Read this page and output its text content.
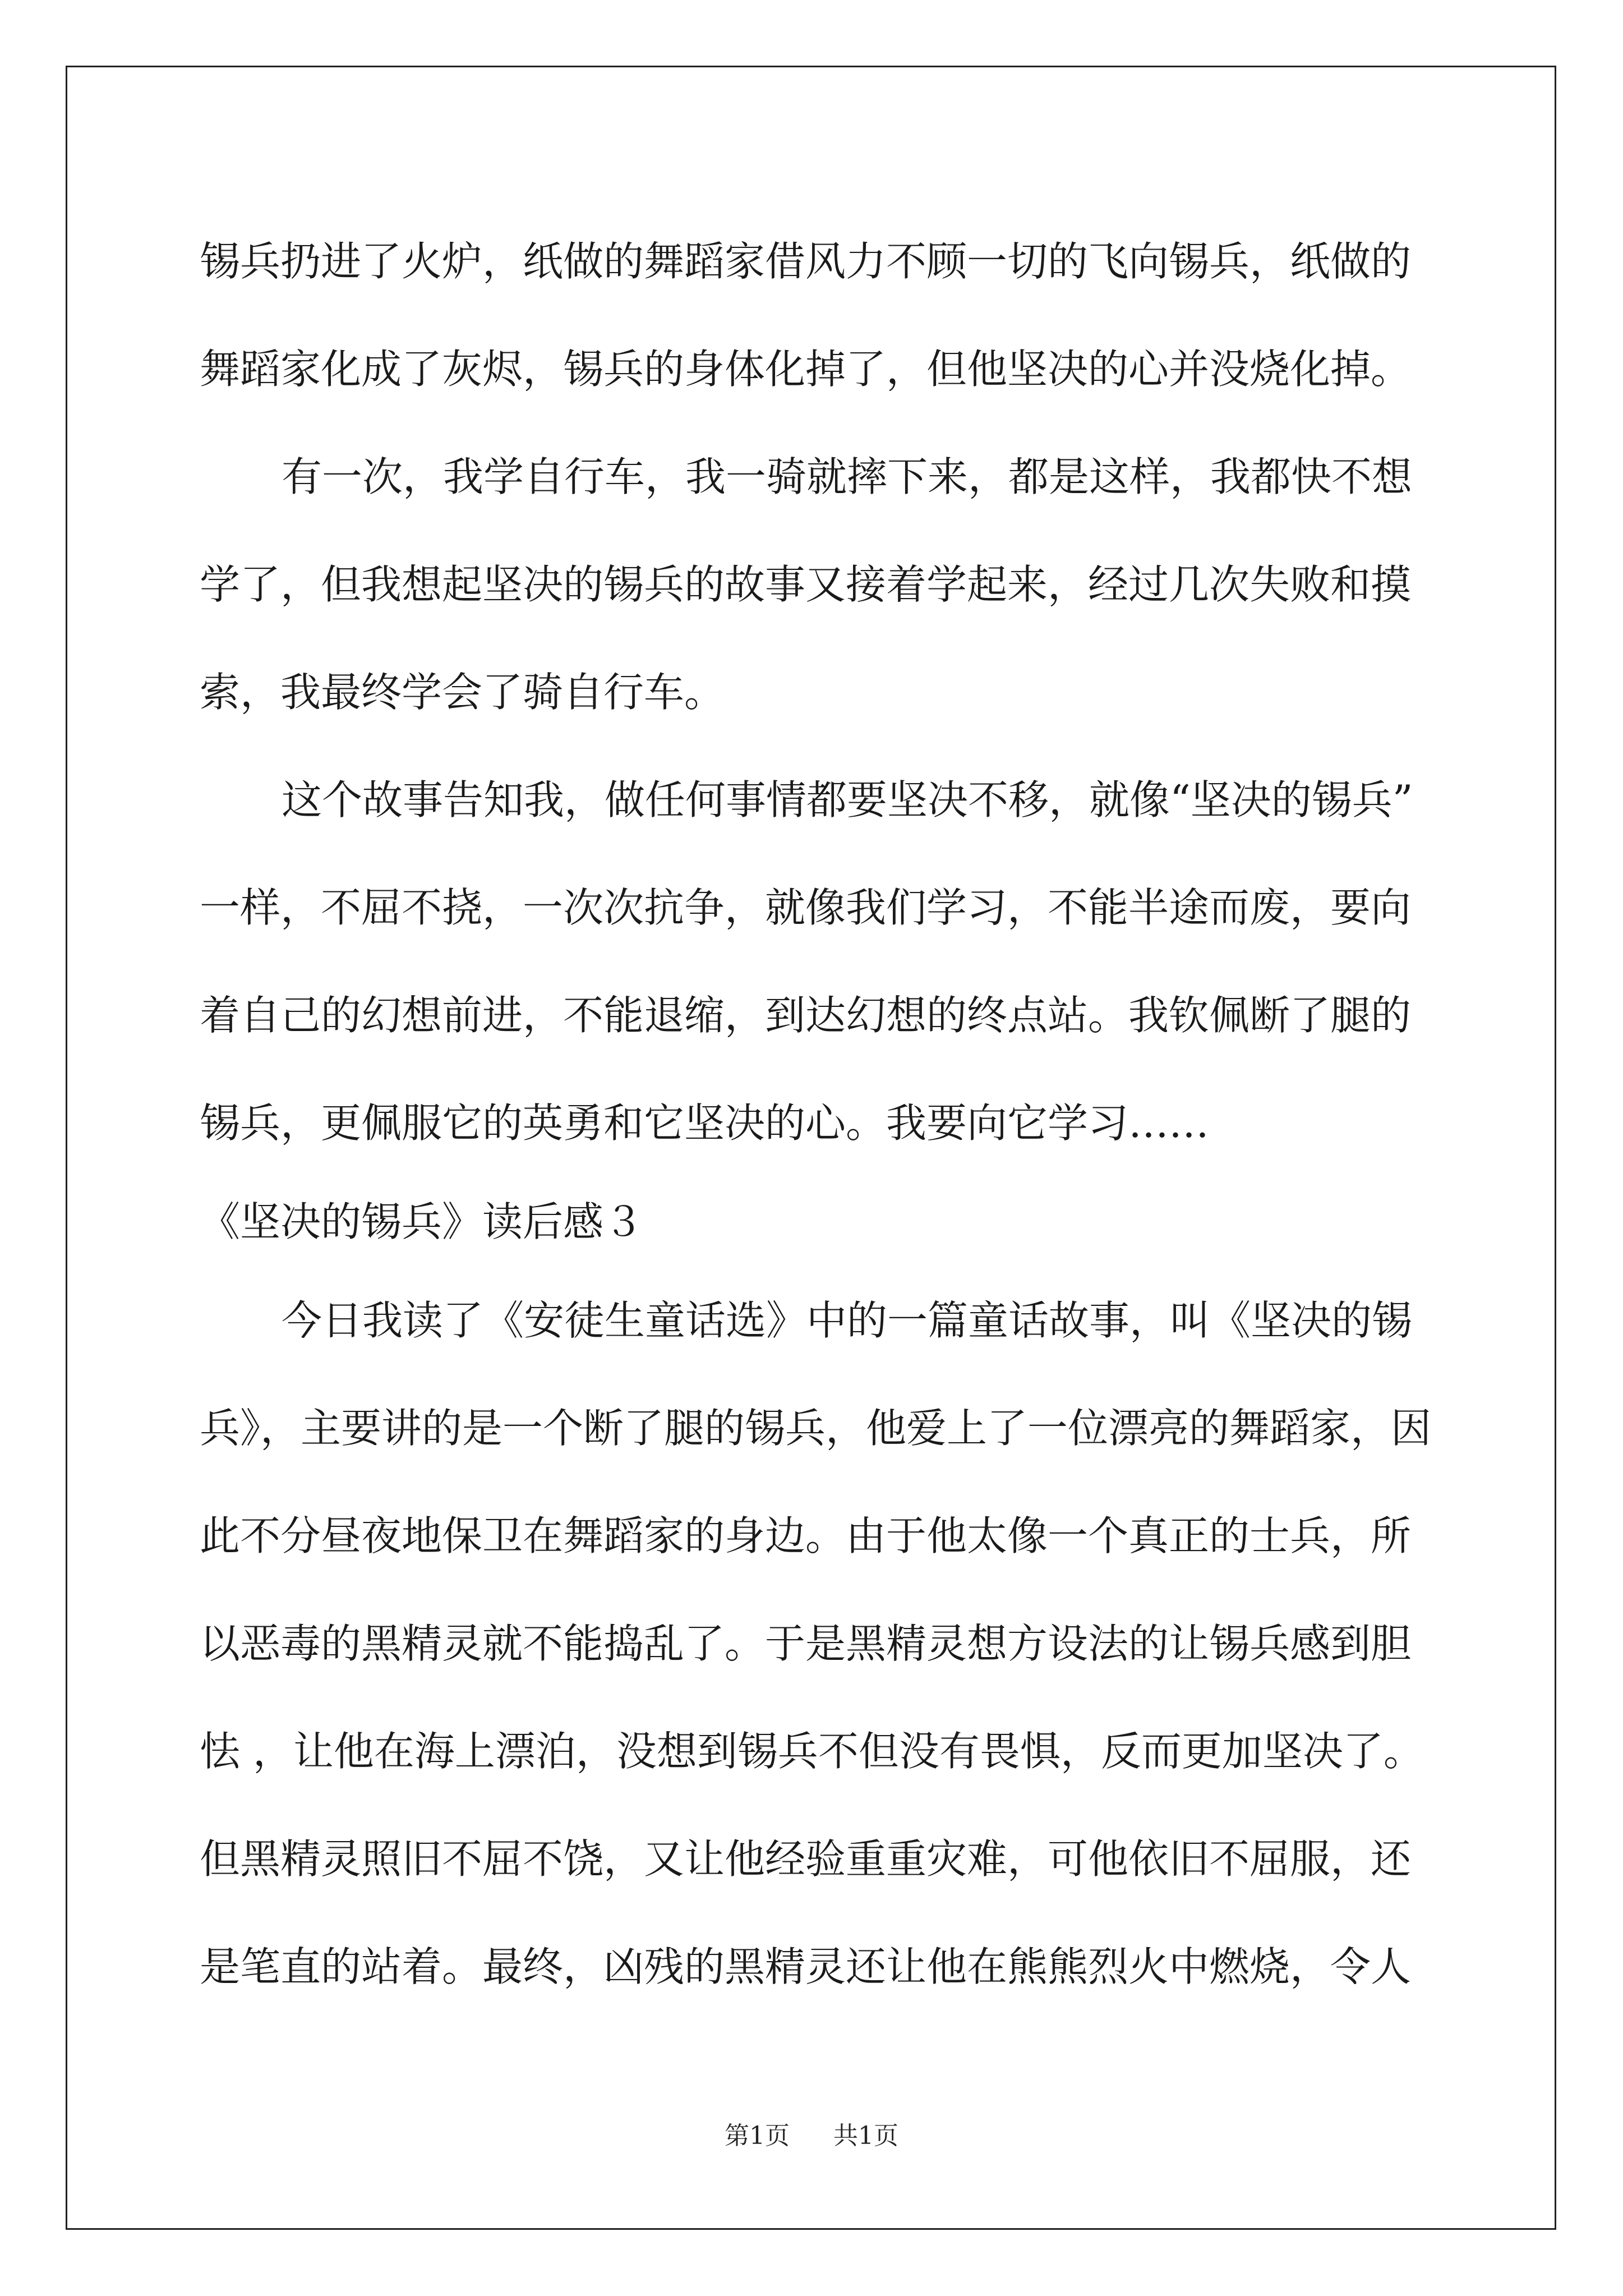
锡兵扔进了火炉，纸做的舞蹈家借风力不顾一切的飞向锡兵，纸做的
舞蹈家化成了灰烬，锡兵的身体化掉了，但他坚决的心并没烧化掉。
有一次，我学自行车，我一骑就摔下来，都是这样，我都快不想
学了，但我想起坚决的锡兵的故事又接着学起来，经过几次失败和摸
索，我最终学会了骑自行车。
这个故事告知我，做任何事情都要坚决不移，就像“坚决的锡兵”
一样，不屈不挠，一次次抗争，就像我们学习，不能半途而废，要向
着自己的幻想前进，不能退缩，到达幻想的终点站。我钦佩断了腿的
锡兵，更佩服它的英勇和它坚决的心。我要向它学习……
《坚决的锡兵》读后感３
今日我读了《安徒生童话选》中的一篇童话故事，叫《坚决的锡
兵》，主要讲的是一个断了腿的锡兵，他爱上了一位漂亮的舞蹈家，因
此不分昼夜地保卫在舞蹈家的身边。由于他太像一个真正的士兵，所
以恶毒的黑精灵就不能捣乱了。于是黑精灵想方设法的让锡兵感到胆
怯 ，让他在海上漂泊，没想到锡兵不但没有畏惧，反而更加坚决了。
但黑精灵照旧不屈不饶，又让他经验重重灾难，可他依旧不屈服，还
是笔直的站着。最终，凶残的黑精灵还让他在熊熊烈火中燃烧，令人
第1页 共1页
